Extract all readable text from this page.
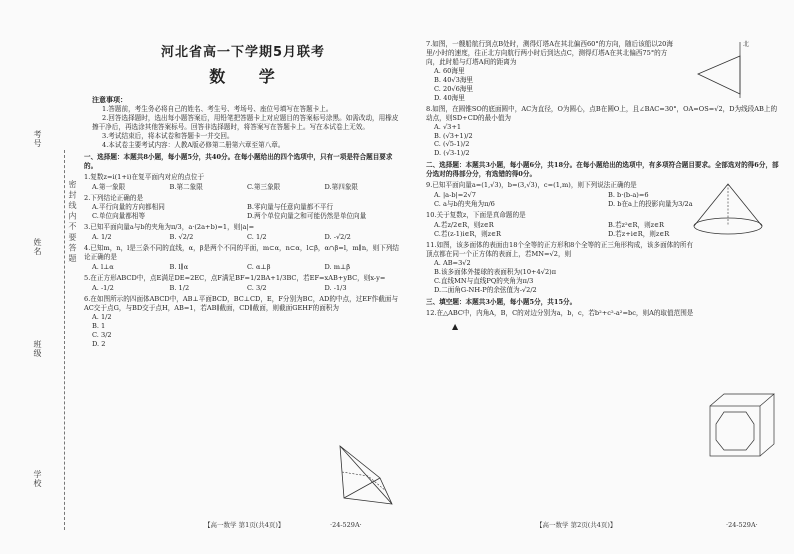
考号
姓名
班级
学校
密 封 线 内 不 要 答 题
河北省高一下学期5月联考
数 学
注意事项：

1.答题前，考生务必将自己的姓名、考生号、考场号、座位号填写在答题卡上。

2.回答选择题时，选出每小题答案后，用铅笔把答题卡上对应题目的答案标号涂黑。如需改动，用橡皮擦干净后，再选涂其他答案标号。回答非选择题时，将答案写在答题卡上。写在本试卷上无效。

3.考试结束后，将本试卷和答题卡一并交回。

4.本试卷主要考试内容：人教A版必修第二册第六章至第八章。

一、选择题：本题共8小题，每小题5分，共40分。在每小题给出的四个选项中，只有一项是符合题目要求的。
1.复数z=i(1+i)在复平面内对应的点位于
A.第一象限	B.第二象限	C.第三象限	D.第四象限
2.下列结论正确的是
A.平行向量的方向都相同	B.零向量与任意向量都不平行
C.单位向量都相等	D.两个单位向量之和可能仍然是单位向量
3.已知平面向量a与b的夹角为π/3，a·(2a+b)=1，则|a|=
A. 1/2	B. √2/2	C. 1/2	D. -√2/2
4.已知m，n，l是三条不同的直线，α，β是两个不同的平面，m⊂α，n⊂α，l⊂β，α∩β=l，m∥n，则下列结论正确的是
A. l⊥α	B. l∥α	C. α⊥β	D. m⊥β
5.在正方形ABCD中，点E满足DE=2EC，点F满足BF=1/2BA+1/3BC，若EF=xAB+yBC，则x-y=
A. -1/2	B. 1/2	C. 3/2	D. -1/3
6.在如图所示的四面体ABCD中，AB⊥平面BCD，BC⊥CD，E，F分别为BC，AD的中点，过EF作截面与AC交于点G，与BD交于点H，AB=1，若AB∥截面，CD∥截面，则截面GEHF的面积为
A. 1/2
B. 1
C. 3/2
D. 2
【高一数学 第1页(共4页)】	·24-529A·
7.如图，一艘船航行到点B处时，测得灯塔A在其北偏西60°的方向，随后该船以20海里/小时的速度，往正北方向航行两小时后到达点C，测得灯塔A在其北偏西75°的方向，此时船与灯塔A间的距离为
A. 60海里
B. 40√3海里
C. 20√6海里
D. 40海里
北
8.如图，在圆锥SO的底面圆中，AC为直径，O为圆心，点B在圆O上，且∠BAC=30°，OA=OS=√2，D为线段AB上的动点，则SD+CD的最小值为
A. √3+1
B. (√3+1)/2
C. (√5-1)/2
D. (√3-1)/2
二、选择题：本题共3小题，每小题6分，共18分。在每小题给出的选项中，有多项符合题目要求。全部选对的得6分，部分选对的得部分分，有选错的得0分。
9.已知平面向量a=(1,√3)，b=(3,√3)，c=(1,m)，则下列说法正确的是
A. |a-b|=2√7	B. b·(b-a)=6
C. a与b的夹角为π/6	D. b在a上的投影向量为3/2a
10.关于复数z，下面是真命题的是
A.若z/2∈R，则z∈R	B.若z²∈R，则z∈R
C.若(z-1)i∈R，则z∈R	D.若z+i∈R，则z∈R
11.如图，该多面体的表面由18个全等的正方形和8个全等的正三角形构成，该多面体的所有顶点都在同一个正方体的表面上，若MN=√2，则
A. AB=3√2
B.该多面体外接球的表面积为(10+4√2)π
C.直线MN与直线PQ的夹角为π/3
D.二面角G-NH-P的余弦值为-√2/2
三、填空题：本题共3小题，每小题5分，共15分。
12.在△ABC中，内角A，B，C的对边分别为a，b，c，若b²+c²-a²=bc，则A的取值范围是
▲
【高一数学 第2页(共4页)】	·24-529A·
